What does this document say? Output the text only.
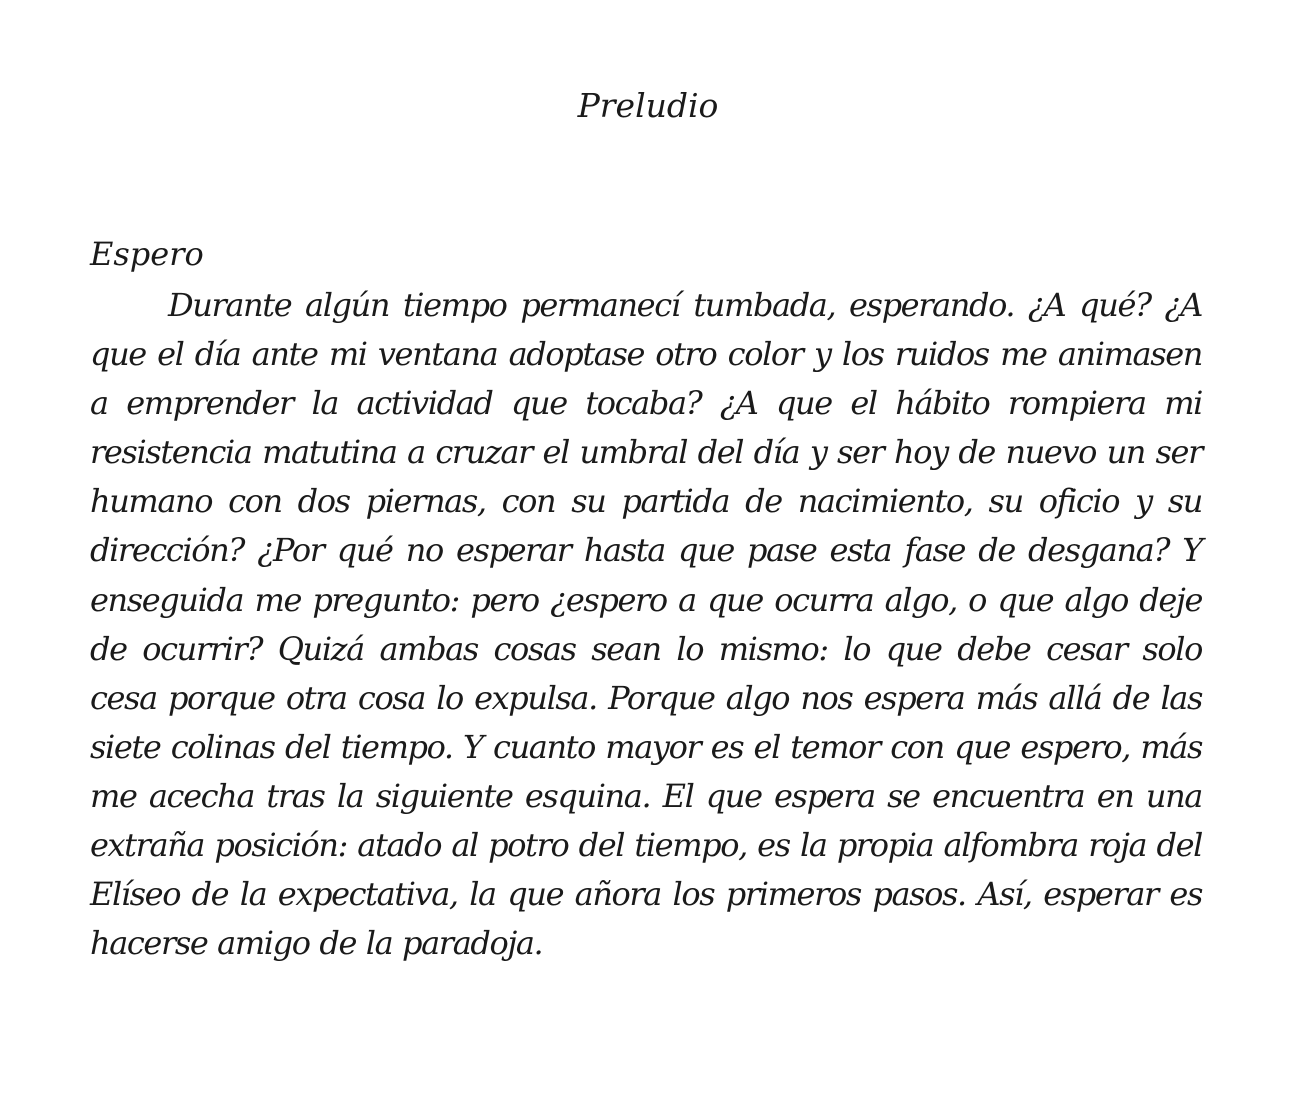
Preludio
Espero

Durante algún tiempo permanecí tumbada, esperando. ¿A qué? ¿A que el día ante mi ventana adoptase otro color y los ruidos me animasen a emprender la actividad que tocaba? ¿A que el hábito rompiera mi resistencia matutina a cruzar el umbral del día y ser hoy de nuevo un ser humano con dos piernas, con su partida de nacimiento, su oficio y su dirección? ¿Por qué no esperar hasta que pase esta fase de desgana? Y enseguida me pregunto: pero ¿espero a que ocurra algo, o que algo deje de ocurrir? Quizá ambas cosas sean lo mismo: lo que debe cesar solo cesa porque otra cosa lo expulsa. Porque algo nos espera más allá de las siete colinas del tiempo. Y cuanto mayor es el temor con que espero, más me acecha tras la siguiente esquina. El que espera se encuentra en una extraña posición: atado al potro del tiempo, es la propia alfombra roja del Elíseo de la expectativa, la que añora los primeros pasos. Así, esperar es hacerse amigo de la paradoja.
